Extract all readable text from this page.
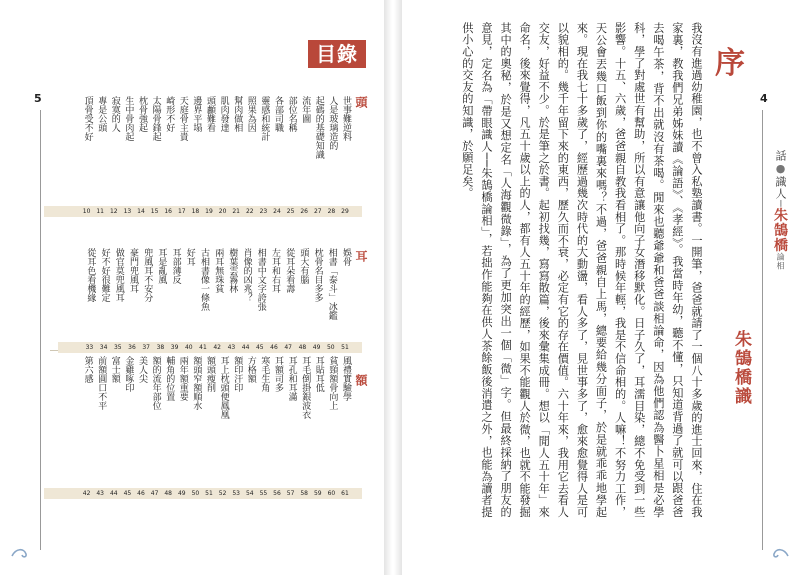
5
目錄
頭
世事難逆料
29
人是玻璃造的
28
起碼的基礎知識
27
流年圖
26
部位名稱
25
各部司職
24
靈感和統計
23
照果為因
22
幫肉做相
21
肌肉發達
20
頭顱難看
19
邊界平塌
18
天庭骨主貴
17
崎形不好
16
太陽骨鋒起
15
枕骨強起
14
生中骨肉起
13
寂寞的人
12
專是公頭
11
頂骨受不好
10
耳
娛骨
51
相書「泰斗」冰鑑
50
枕骨名目多多
49
頭大有腦
48
從耳朵看壽
47
左耳和右耳
46
相書中文字誇張
45
肖像的凶兆？
44
樹葉雲霧林
43
兩耳無珠貧
42
古相書像一條魚
41
好耳
40
耳部薄反
39
耳是亂風
38
兜風耳不安分
37
豪門兜風耳
36
做官莫兜風耳
35
好不好很難定
34
從耳色看機緣
33
額
風禮實驗學
61
貧頸額骨向上
60
耳貼耳低
59
耳毛倒掛銀波衣
58
耳孔和耳滿
57
耳額司多
56
寒毛生角
55
方格額
54
額印汗印
53
耳上枕頭便鳳凰
52
額頭瘦削
51
額頭窄額順水
50
兩年額重要
49
輔角的位置
48
額的流年部位
47
美人尖
46
金雞啄印
45
富士額
44
前額圓口不平
43
第六感
42
4
序
話●識人─朱鵠橋論相
我沒有進過幼稚園，也不曾入私塾讀書。一開筆，爸爸就請了一個八十多歲的進士回來，住在我家裏，教我們兄弟姊妹讀《論語》、《孝經》。我當時年幼，聽不懂，只知道背過了就可以跟爸爸去喝午茶，背不出就沒有茶喝。閒來也聽爺爺和爸爸談相論命，因為他們認為醫卜星相是必學科，學了對處世有幫助，所以有意讓他向子女潛移默化。日子久了，耳濡目染，總不免受到一些影響。十五、六歲，爸爸親自教我看相了。那時候年輕，我是不信命相的。人嘛！不努力工作，天公會丟幾口飯到你的嘴裏來嗎？不過，爸爸親自上馬，總要給幾分面子，於是就乖乖地學起來。現在我七十多歲了，經歷過幾次時代的大動盪，看人多了，見世事多了，愈來愈覺得人是可以貌相的。幾千年留下來的東西，歷久而不衰，必定有它的存在價值。六十年來，我用它去看人交友，好益不少。於是筆之於書。起初找幾，寫寫散篇，後來彙集成冊。想以「閒人五十年」來命名，後來覺得，凡五十歲以上的人，都有人五十年的經歷，如果不能觀人於微，也就不能發掘其中的奧秘，於是又想定名「人海觀微錄」，為了更加突出一個「微」字。但最終採納了朋友的意見，定名為「帶眼識人──朱鵠橋論相」，若拙作能夠在供人茶餘飯後消遣之外，也能為讀者提供小心的交友的知識，於願足矣。
朱鵠橋識
